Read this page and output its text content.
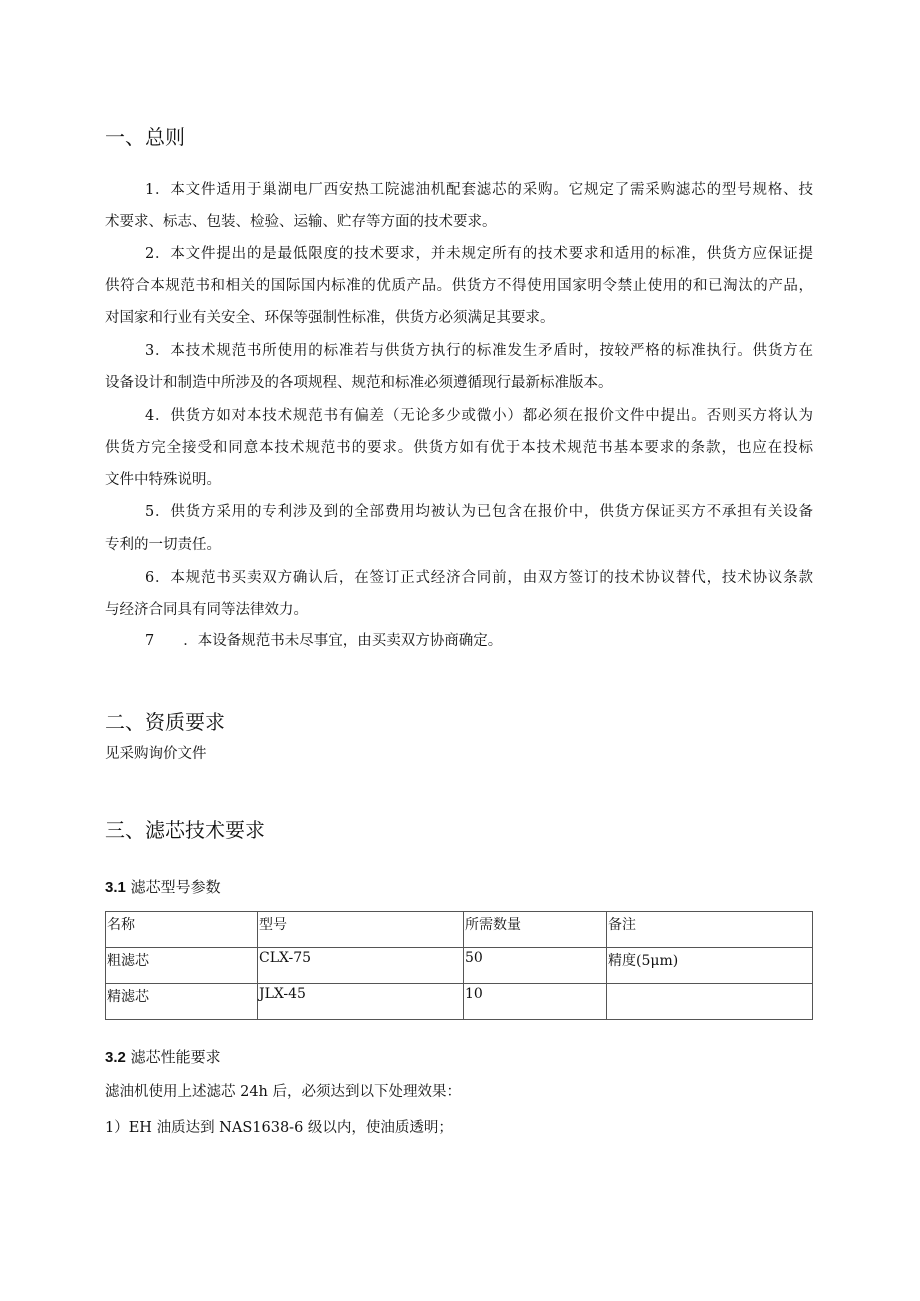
一、总则
1．本文件适用于巢湖电厂西安热工院滤油机配套滤芯的采购。它规定了需采购滤芯的型号规格、技
术要求、标志、包装、检验、运输、贮存等方面的技术要求。
2．本文件提出的是最低限度的技术要求，并未规定所有的技术要求和适用的标准，供货方应保证提
供符合本规范书和相关的国际国内标准的优质产品。供货方不得使用国家明令禁止使用的和已淘汰的产品，
对国家和行业有关安全、环保等强制性标准，供货方必须满足其要求。
3．本技术规范书所使用的标准若与供货方执行的标准发生矛盾时，按较严格的标准执行。供货方在
设备设计和制造中所涉及的各项规程、规范和标准必须遵循现行最新标准版本。
4．供货方如对本技术规范书有偏差（无论多少或微小）都必须在报价文件中提出。否则买方将认为
供货方完全接受和同意本技术规范书的要求。供货方如有优于本技术规范书基本要求的条款，也应在投标
文件中特殊说明。
5．供货方采用的专利涉及到的全部费用均被认为已包含在报价中，供货方保证买方不承担有关设备
专利的一切责任。
6．本规范书买卖双方确认后，在签订正式经济合同前，由双方签订的技术协议替代，技术协议条款
与经济合同具有同等法律效力。
7　　．本设备规范书未尽事宜，由买卖双方协商确定。
二、资质要求
见采购询价文件
三、滤芯技术要求
3.1 滤芯型号参数
名称	型号	所需数量	备注
粗滤芯	CLX-75	50	精度(5μm)
精滤芯	JLX-45	10	
3.2 滤芯性能要求
滤油机使用上述滤芯 24h 后，必须达到以下处理效果：
1）EH 油质达到 NAS1638-6 级以内，使油质透明；
